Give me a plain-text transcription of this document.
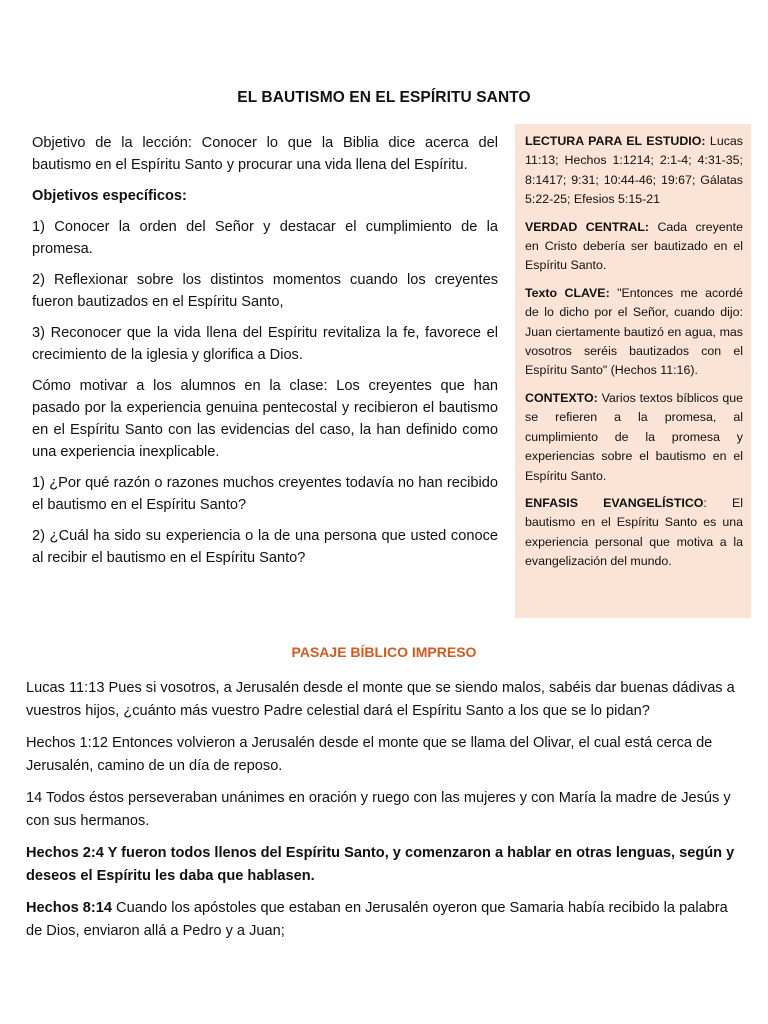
EL BAUTISMO EN EL ESPÍRITU SANTO

Objetivo de la lección: Conocer lo que la Biblia dice acerca del bautismo en el Espíritu Santo y procurar una vida llena del Espíritu.

Objetivos específicos:

1) Conocer la orden del Señor y destacar el cumplimiento de la promesa.

2) Reflexionar sobre los distintos momentos cuando los creyentes fueron bautizados en el Espíritu Santo,

3) Reconocer que la vida llena del Espíritu revitaliza la fe, favorece el crecimiento de la iglesia y glorifica a Dios.

Cómo motivar a los alumnos en la clase: Los creyentes que han pasado por la experiencia genuina pentecostal y recibieron el bautismo en el Espíritu Santo con las evidencias del caso, la han definido como una experiencia inexplicable.

1) ¿Por qué razón o razones muchos creyentes todavía no han recibido el bautismo en el Espíritu Santo?

2) ¿Cuál ha sido su experiencia o la de una persona que usted conoce al recibir el bautismo en el Espíritu Santo?

LECTURA PARA EL ESTUDIO: Lucas 11:13; Hechos 1:1214; 2:1-4; 4:31-35; 8:1417; 9:31; 10:44-46; 19:67; Gálatas 5:22-25; Efesios 5:15-21

VERDAD CENTRAL: Cada creyente en Cristo debería ser bautizado en el Espíritu Santo.

Texto CLAVE: "Entonces me acordé de lo dicho por el Señor, cuando dijo: Juan ciertamente bautizó en agua, mas vosotros seréis bautizados con el Espíritu Santo" (Hechos 11:16).

CONTEXTO: Varios textos bíblicos que se refieren a la promesa, al cumplimiento de la promesa y experiencias sobre el bautismo en el Espíritu Santo.

ENFASIS EVANGELÍSTICO: El bautismo en el Espíritu Santo es una experiencia personal que motiva a la evangelización del mundo.

PASAJE BÍBLICO IMPRESO

Lucas 11:13 Pues si vosotros, a Jerusalén desde el monte que se siendo malos, sabéis dar buenas dádivas a vuestros hijos, ¿cuánto más vuestro Padre celestial dará el Espíritu Santo a los que se lo pidan?

Hechos 1:12 Entonces volvieron a Jerusalén desde el monte que se llama del Olivar, el cual está cerca de Jerusalén, camino de un día de reposo.

14 Todos éstos perseveraban unánimes en oración y ruego con las mujeres y con María la madre de Jesús y con sus hermanos.

Hechos 2:4 Y fueron todos llenos del Espíritu Santo, y comenzaron a hablar en otras lenguas, según y deseos el Espíritu les daba que hablasen.

Hechos 8:14 Cuando los apóstoles que estaban en Jerusalén oyeron que Samaria había recibido la palabra de Dios, enviaron allá a Pedro y a Juan;
